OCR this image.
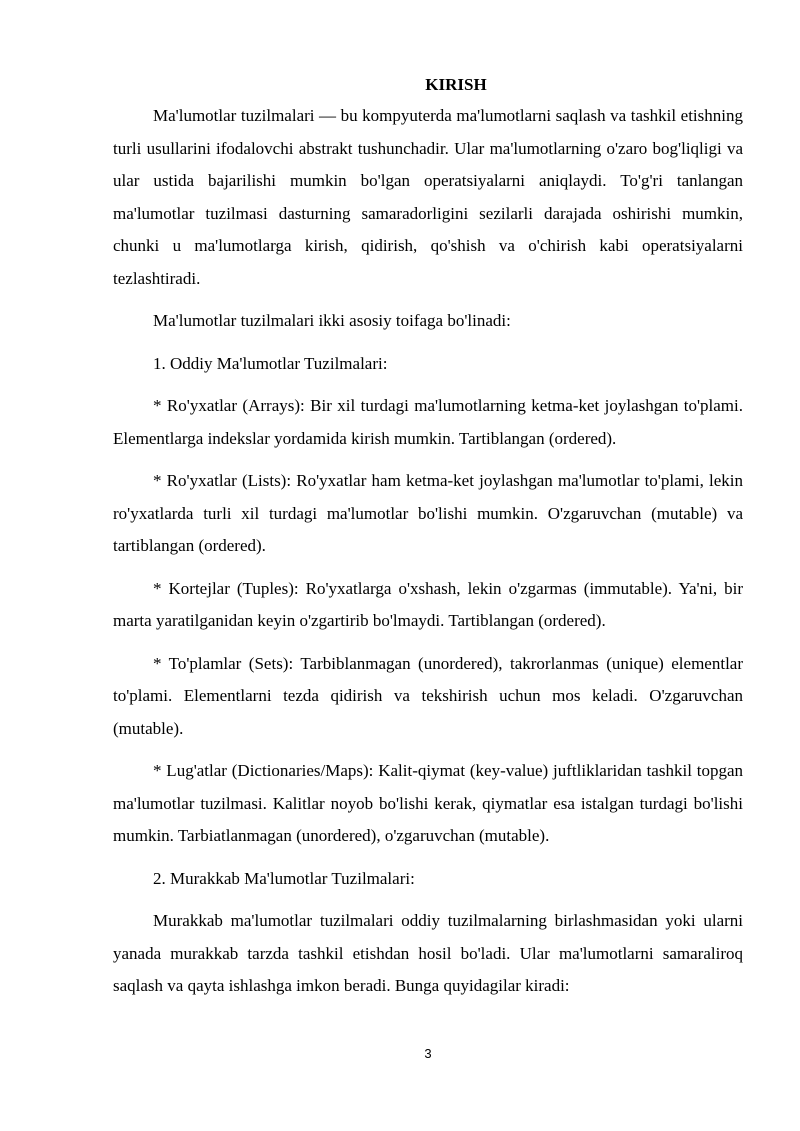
KIRISH

Ma'lumotlar tuzilmalari — bu kompyuterda ma'lumotlarni saqlash va tashkil etishning turli usullarini ifodalovchi abstrakt tushunchadir. Ular ma'lumotlarning o'zaro bog'liqligi va ular ustida bajarilishi mumkin bo'lgan operatsiyalarni aniqlaydi. To'g'ri tanlangan ma'lumotlar tuzilmasi dasturning samaradorligini sezilarli darajada oshirishi mumkin, chunki u ma'lumotlarga kirish, qidirish, qo'shish va o'chirish kabi operatsiyalarni tezlashtiradi.

Ma'lumotlar tuzilmalari ikki asosiy toifaga bo'linadi:

1. Oddiy Ma'lumotlar Tuzilmalari:

* Ro'yxatlar (Arrays): Bir xil turdagi ma'lumotlarning ketma-ket joylashgan to'plami. Elementlarga indekslar yordamida kirish mumkin. Tartiblangan (ordered).

* Ro'yxatlar (Lists): Ro'yxatlar ham ketma-ket joylashgan ma'lumotlar to'plami, lekin ro'yxatlarda turli xil turdagi ma'lumotlar bo'lishi mumkin. O'zgaruvchan (mutable) va tartiblangan (ordered).

* Kortejlar (Tuples): Ro'yxatlarga o'xshash, lekin o'zgarmas (immutable). Ya'ni, bir marta yaratilganidan keyin o'zgartirib bo'lmaydi. Tartiblangan (ordered).

* To'plamlar (Sets): Tarbiblanmagan (unordered), takrorlanmas (unique) elementlar to'plami. Elementlarni tezda qidirish va tekshirish uchun mos keladi. O'zgaruvchan (mutable).

* Lug'atlar (Dictionaries/Maps): Kalit-qiymat (key-value) juftliklaridan tashkil topgan ma'lumotlar tuzilmasi. Kalitlar noyob bo'lishi kerak, qiymatlar esa istalgan turdagi bo'lishi mumkin. Tarbiatlanmagan (unordered), o'zgaruvchan (mutable).

2. Murakkab Ma'lumotlar Tuzilmalari:

Murakkab ma'lumotlar tuzilmalari oddiy tuzilmalarning birlashmasidan yoki ularni yanada murakkab tarzda tashkil etishdan hosil bo'ladi. Ular ma'lumotlarni samaraliroq saqlash va qayta ishlashga imkon beradi. Bunga quyidagilar kiradi:

3
